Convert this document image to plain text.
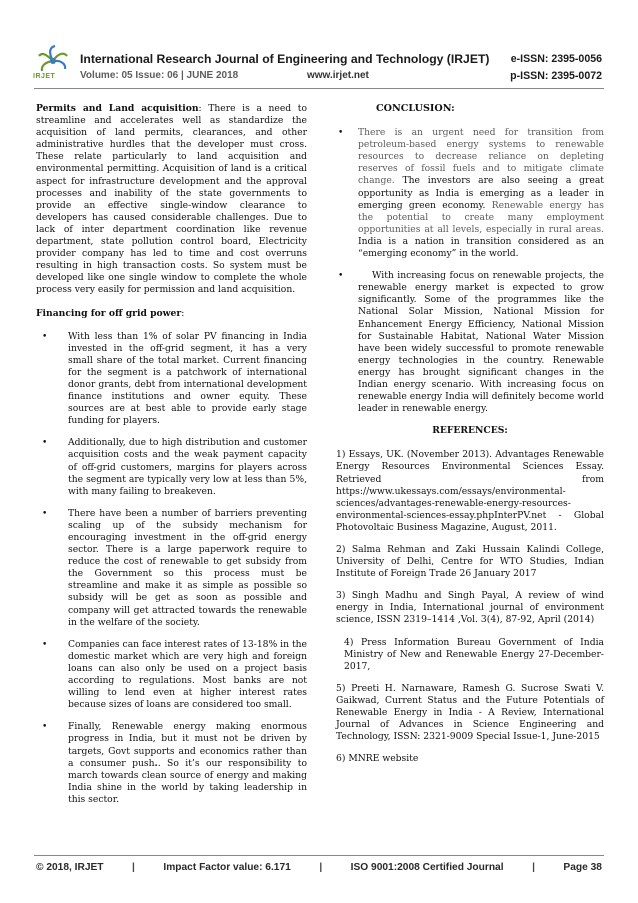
IRJET
International Research Journal of Engineering and Technology (IRJET) e-ISSN: 2395-0056
Volume: 05 Issue: 06 | JUNE 2018	www.irjet.net	p-ISSN: 2395-0072

Permits and Land acquisition: There is a need to streamline and accelerates well as standardize the acquisition of land permits, clearances, and other administrative hurdles that the developer must cross. These relate particularly to land acquisition and environmental permitting. Acquisition of land is a critical aspect for infrastructure development and the approval processes and inability of the state governments to provide an effective single-window clearance to developers has caused considerable challenges. Due to lack of inter department coordination like revenue department, state pollution control board, Electricity provider company has led to time and cost overruns resulting in high transaction costs. So system must be developed like one single window to complete the whole process very easily for permission and land acquisition.

Financing for off grid power:

• With less than 1% of solar PV financing in India invested in the off-grid segment, it has a very small share of the total market. Current financing for the segment is a patchwork of international donor grants, debt from international development finance institutions and owner equity. These sources are at best able to provide early stage funding for players.
• Additionally, due to high distribution and customer acquisition costs and the weak payment capacity of off-grid customers, margins for players across the segment are typically very low at less than 5%, with many failing to breakeven.
• There have been a number of barriers preventing scaling up of the subsidy mechanism for encouraging investment in the off-grid energy sector. There is a large paperwork require to reduce the cost of renewable to get subsidy from the Government so this process must be streamline and make it as simple as possible so subsidy will be get as soon as possible and company will get attracted towards the renewable in the welfare of the society.
• Companies can face interest rates of 13-18% in the domestic market which are very high and foreign loans can also only be used on a project basis according to regulations. Most banks are not willing to lend even at higher interest rates because sizes of loans are considered too small.
• Finally, Renewable energy making enormous progress in India, but it must not be driven by targets, Govt supports and economics rather than a consumer push.. So it’s our responsibility to march towards clean source of energy and making India shine in the world by taking leadership in this sector.
CONCLUSION:
• There is an urgent need for transition from petroleum-based energy systems to renewable resources to decrease reliance on depleting reserves of fossil fuels and to mitigate climate change. The investors are also seeing a great opportunity as India is emerging as a leader in emerging green economy. Renewable energy has the potential to create many employment opportunities at all levels, especially in rural areas. India is a nation in transition considered as an “emerging economy” in the world.
• With increasing focus on renewable projects, the renewable energy market is expected to grow significantly. Some of the programmes like the National Solar Mission, National Mission for Enhancement Energy Efficiency, National Mission for Sustainable Habitat, National Water Mission have been widely successful to promote renewable energy technologies in the country. Renewable energy has brought significant changes in the Indian energy scenario. With increasing focus on renewable energy India will definitely become world leader in renewable energy.
REFERENCES:

1) Essays, UK. (November 2013). Advantages Renewable Energy Resources Environmental Sciences Essay. Retrieved from https://www.ukessays.com/essays/environmental-sciences/advantages-renewable-energy-resources-environmental-sciences-essay.phpInterPV.net - Global Photovoltaic Business Magazine, August, 2011.

2) Salma Rehman and Zaki Hussain Kalindi College, University of Delhi, Centre for WTO Studies, Indian Institute of Foreign Trade 26 January 2017

3) Singh Madhu and Singh Payal, A review of wind energy in India, International journal of environment science, ISSN 2319–1414 ,Vol. 3(4), 87-92, April (2014)

4) Press Information Bureau Government of India Ministry of New and Renewable Energy 27-December-2017,

5) Preeti H. Narnaware, Ramesh G. Sucrose Swati V. Gaikwad, Current Status and the Future Potentials of Renewable Energy in India - A Review, International Journal of Advances in Science Engineering and Technology, ISSN: 2321-9009 Special Issue-1, June-2015

6) MNRE website

© 2018, IRJET	|	Impact Factor value: 6.171	|	ISO 9001:2008 Certified Journal	|	Page 38
